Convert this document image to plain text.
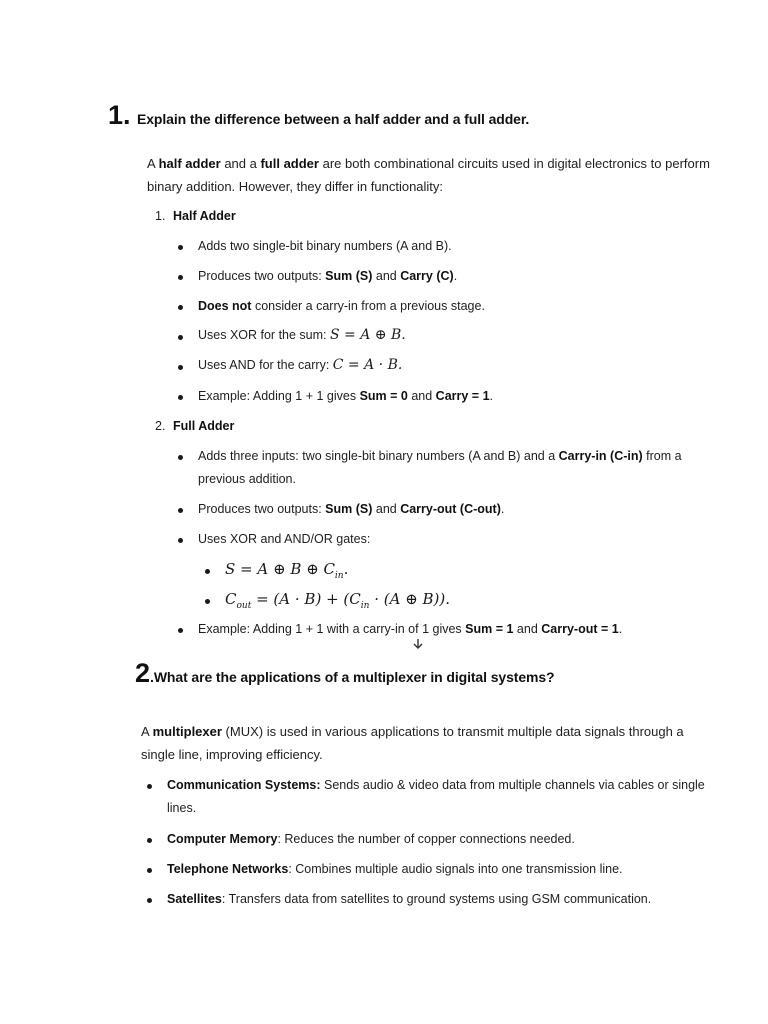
1. Explain the difference between a half adder and a full adder.
A half adder and a full adder are both combinational circuits used in digital electronics to perform
binary addition. However, they differ in functionality:
1. Half Adder
Adds two single-bit binary numbers (A and B).
Produces two outputs: Sum (S) and Carry (C).
Does not consider a carry-in from a previous stage.
Uses XOR for the sum: S = A ⊕ B.
Uses AND for the carry: C = A · B.
Example: Adding 1 + 1 gives Sum = 0 and Carry = 1.
2. Full Adder
Adds three inputs: two single-bit binary numbers (A and B) and a Carry-in (C-in) from a
previous addition.
Produces two outputs: Sum (S) and Carry-out (C-out).
Uses XOR and AND/OR gates:
S = A ⊕ B ⊕ $C_{in}$.
$C_{out} = (A \cdot B) + (C_{in} \cdot (A$ ⊕ B)).
Example: Adding 1 + 1 with a carry-in of 1 gives Sum = 1 and Carry-out = 1.
2.What are the applications of a multiplexer in digital systems?
A multiplexer (MUX) is used in various applications to transmit multiple data signals through a
single line, improving efficiency.
Communication Systems: Sends audio & video data from multiple channels via cables or single
lines.
Computer Memory: Reduces the number of copper connections needed.
Telephone Networks: Combines multiple audio signals into one transmission line.
Satellites: Transfers data from satellites to ground systems using GSM communication.
